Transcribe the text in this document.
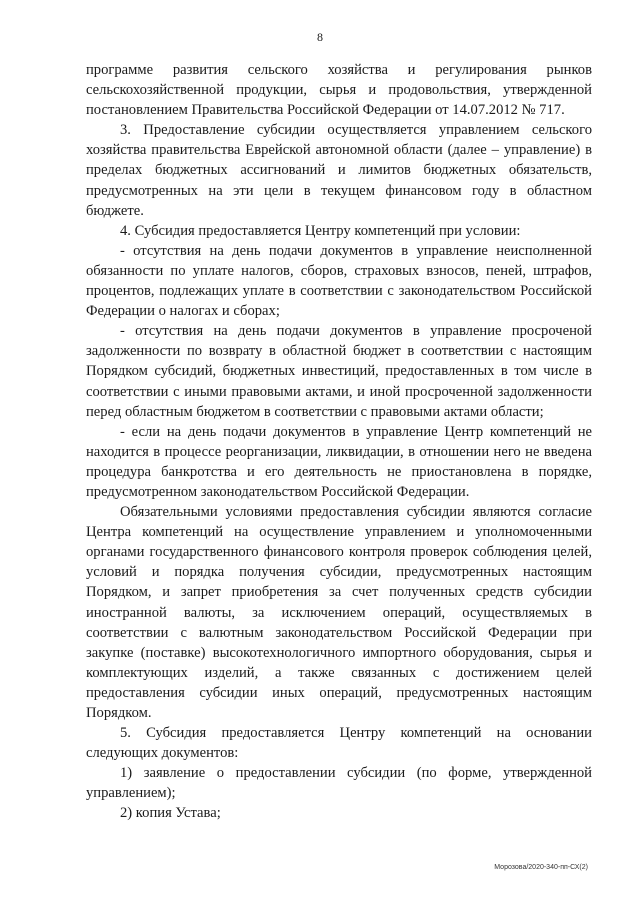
8

программе развития сельского хозяйства и регулирования рынков сельскохозяйственной продукции, сырья и продовольствия, утвержденной постановлением Правительства Российской Федерации от 14.07.2012 № 717.

3. Предоставление субсидии осуществляется управлением сельского хозяйства правительства Еврейской автономной области (далее – управление) в пределах бюджетных ассигнований и лимитов бюджетных обязательств, предусмотренных на эти цели в текущем финансовом году в областном бюджете.

4. Субсидия предоставляется Центру компетенций при условии:

- отсутствия на день подачи документов в управление неисполненной обязанности по уплате налогов, сборов, страховых взносов, пеней, штрафов, процентов, подлежащих уплате в соответствии с законодательством Российской Федерации о налогах и сборах;

- отсутствия на день подачи документов в управление просроченой задолженности по возврату в областной бюджет в соответствии с настоящим Порядком субсидий, бюджетных инвестиций, предоставленных в том числе в соответствии с иными правовыми актами, и иной просроченной задолженности перед областным бюджетом в соответствии с правовыми актами области;

- если на день подачи документов в управление Центр компетенций не находится в процессе реорганизации, ликвидации, в отношении него не введена процедура банкротства и его деятельность не приостановлена в порядке, предусмотренном законодательством Российской Федерации.

Обязательными условиями предоставления субсидии являются согласие Центра компетенций на осуществление управлением и уполномоченными органами государственного финансового контроля проверок соблюдения целей, условий и порядка получения субсидии, предусмотренных настоящим Порядком, и запрет приобретения за счет полученных средств субсидии иностранной валюты, за исключением операций, осуществляемых в соответствии с валютным законодательством Российской Федерации при закупке (поставке) высокотехнологичного импортного оборудования, сырья и комплектующих изделий, а также связанных с достижением целей предоставления субсидии иных операций, предусмотренных настоящим Порядком.

5. Субсидия предоставляется Центру компетенций на основании следующих документов:

1) заявление о предоставлении субсидии (по форме, утвержденной управлением);

2) копия Устава;

Морозова/2020-340-пп-СХ(2)
